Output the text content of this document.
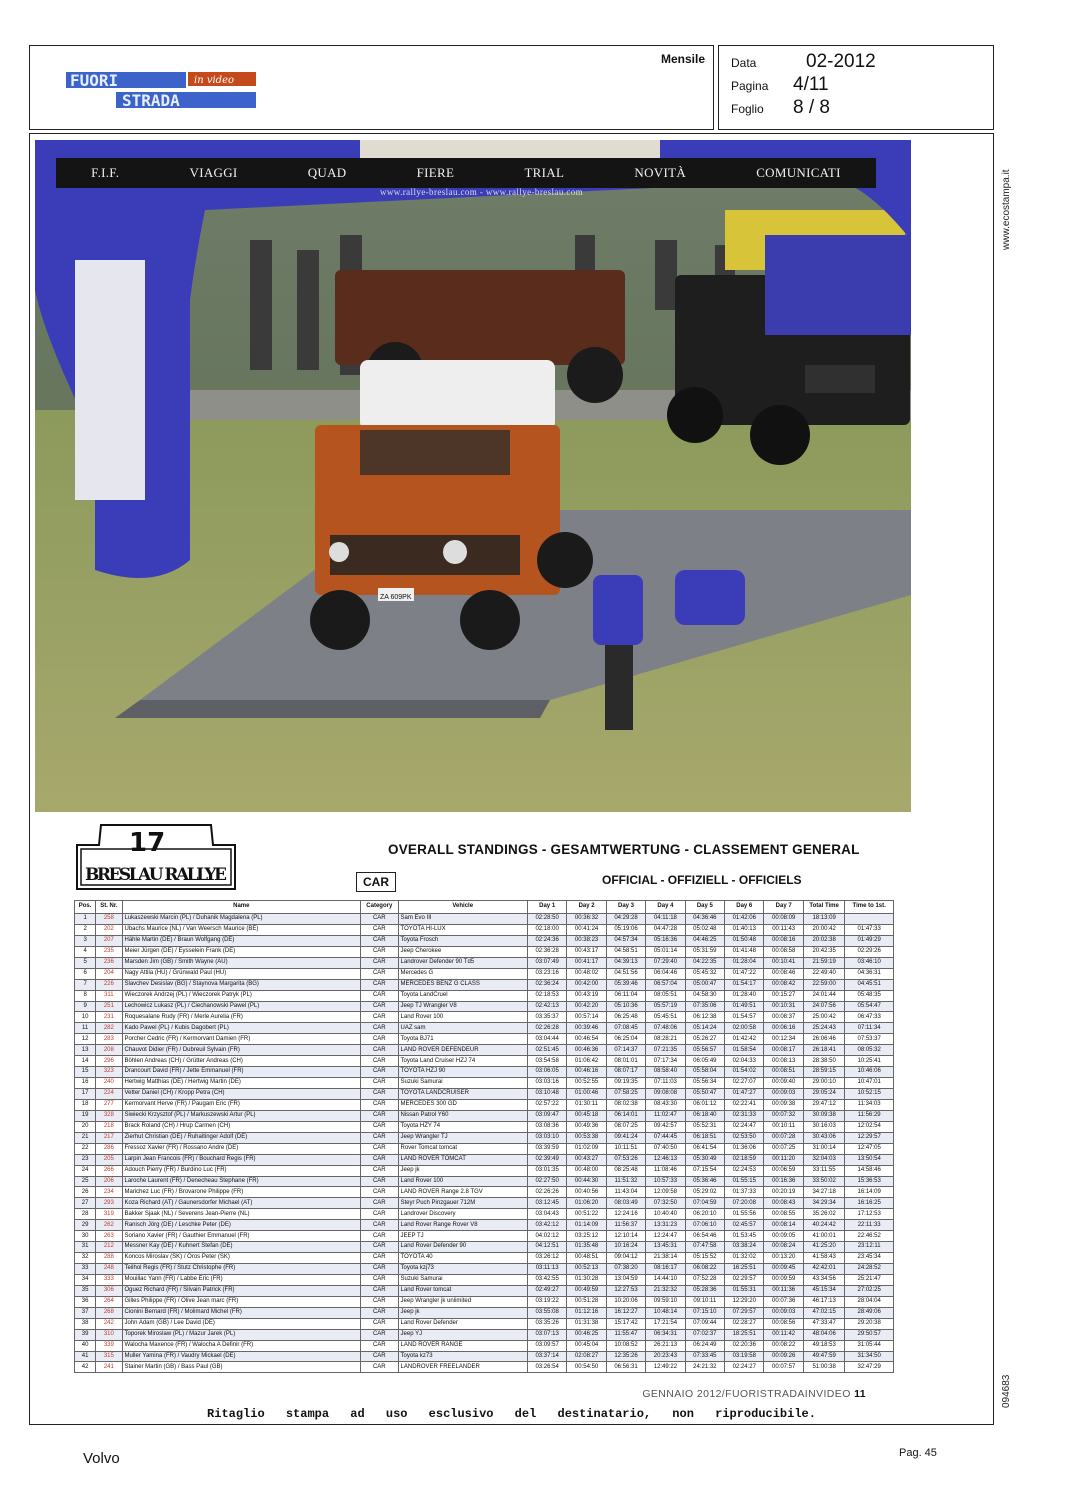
FUORI	in video
STRADA
Mensile Data	02-2012
Pagina 4/11
Foglio 8 / 8
www.ecostampa.it
094683
ZA 609PK
F.I.F.	VIAGGI	QUAD	FIERE	TRIAL	NOVITÀ	COMUNICATI
www.rallye-breslau.com - www.rallye-breslau.com
17
BRESLAU RALLYE
OVERALL STANDINGS - GESAMTWERTUNG - CLASSEMENT GENERAL
CAR	OFFICIAL - OFFIZIELL - OFFICIELS
Pos.	St. Nr.	Name	Category	Vehicle	Day 1	Day 2	Day 3	Day 4	Day 5	Day 6	Day 7	Total Time	Time to 1st.
1	258	Lukaszewski Marcin (PL) / Duhanik Magdalena (PL)	CAR	Sam Evo III	02:28:50	00:36:32	04:29:28	04:11:18	04:36:46	01:42:06	00:08:09	18:13:09	
2	202	Ubachs Maurice (NL) / Van Weersch Maurice (BE)	CAR	TOYOTA HI-LUX	02:18:00	00:41:24	05:19:06	04:47:28	05:02:48	01:40:13	00:11:43	20:00:42	01:47:33
3	207	Hähle Martin (DE) / Braun Wolfgang (DE)	CAR	Toyota Frosch	02:24:36	00:38:23	04:57:34	05:16:36	04:46:25	01:50:48	00:08:16	20:02:38	01:49:29
4	235	Meier Jürgen (DE) / Eysselein Frank (DE)	CAR	Jeep Cherokee	02:36:28	00:43:17	04:58:51	05:01:14	05:31:59	01:41:48	00:08:58	20:42:35	02:29:26
5	236	Marsden Jim (GB) / Smith Wayne (AU)	CAR	Landrover Defender 90 Td5	03:07:49	00:41:17	04:39:13	07:29:40	04:22:35	01:28:04	00:10:41	21:59:19	03:46:10
6	204	Nagy Attila (HU) / Grünwald Paul (HU)	CAR	Mercedes G	03:23:16	00:48:02	04:51:56	06:04:46	05:45:32	01:47:22	00:08:46	22:49:40	04:36:31
7	226	Slavchev Desislav (BG) / Staynova Margarita (BG)	CAR	MERCEDES BENZ G CLASS	02:36:24	00:42:00	05:39:46	06:57:04	05:00:47	01:54:17	00:08:42	22:59:00	04:45:51
8	311	Wieczorek Andrzej (PL) / Wieczorek Patryk (PL)	CAR	Toyota LandCruel	02:18:53	00:43:19	06:11:04	08:05:51	04:58:30	01:28:40	00:15:27	24:01:44	05:48:35
9	251	Lechowicz Lukasz (PL) / Ciechanowski Pawel (PL)	CAR	Jeep TJ Wrangler V8	02:42:13	00:42:20	05:10:36	05:57:19	07:35:06	01:49:51	00:10:31	24:07:56	05:54:47
10	231	Roquesalane Rudy (FR) / Merle Aurelia (FR)	CAR	Land Rover 100	03:35:37	00:57:14	06:25:48	05:45:51	06:12:38	01:54:57	00:08:37	25:00:42	06:47:33
11	282	Kado Pawel (PL) / Kubis Dagobert (PL)	CAR	UAZ sam	02:26:28	00:39:46	07:08:45	07:48:06	05:14:24	02:00:58	00:06:16	25:24:43	07:11:34
12	283	Porcher Cedric (FR) / Kermorvant Damien (FR)	CAR	Toyota BJ71	03:04:44	00:46:54	06:25:04	08:28:21	05:26:27	01:42:42	00:12:34	26:06:46	07:53:37
13	208	Chauvot Didier (FR) / Dubreuil Sylvain (FR)	CAR	LAND ROVER DEFENDEUR	02:51:45	00:46:36	07:14:37	07:21:35	05:56:57	01:58:54	00:08:17	26:18:41	08:05:32
14	296	Böhlen Andreas (CH) / Grütter Andreas (CH)	CAR	Toyota Land Cruiser HZJ 74	03:54:58	01:06:42	08:01:01	07:17:34	06:05:49	02:04:33	00:08:13	28:38:50	10:25:41
15	323	Drancourt David (FR) / Jette Emmanuel (FR)	CAR	TOYOTA HZJ 90	03:06:05	00:46:16	08:07:17	08:58:40	05:58:04	01:54:02	00:08:51	28:59:15	10:46:06
16	240	Hertwig Matthias (DE) / Hertwig Martin (DE)	CAR	Suzuki Samurai	03:03:16	00:52:55	09:19:35	07:11:03	05:56:34	02:27:07	00:09:40	29:00:10	10:47:01
17	224	Vetter Daniel (CH) / Kropp Petra (CH)	CAR	TOYOTA LANDCRUISER	03:10:48	01:00:46	07:58:25	09:08:08	05:50:47	01:47:27	00:09:03	29:05:24	10:52:15
18	277	Kermorvant Herve (FR) / Paugam Eric (FR)	CAR	MERCEDES 300 GD	02:57:22	01:30:11	08:02:38	08:43:30	06:01:12	02:22:41	00:09:38	29:47:12	11:34:03
19	328	Siwiecki Krzysztof (PL) / Markuszewski Artur (PL)	CAR	Nissan Patrol Y60	03:09:47	00:45:18	06:14:01	11:02:47	06:18:40	02:31:33	00:07:32	30:09:38	11:56:29
20	218	Brack Roland (CH) / Hrup Carmen (CH)	CAR	Toyota HZY 74	03:08:36	00:49:36	08:07:25	09:42:57	05:52:31	02:24:47	00:10:11	30:16:03	12:02:54
21	217	Zierhut Christian (DE) / Ruhaltinger Adolf (DE)	CAR	Jeep Wrangler TJ	03:03:10	00:53:38	09:41:24	07:44:45	06:18:51	02:53:50	00:07:28	30:43:06	12:29:57
22	286	Fressoz Xavier (FR) / Rossano Andre (DE)	CAR	Rover Tomcat tomcat	03:39:59	01:02:09	10:11:51	07:40:50	06:41:54	01:36:06	00:07:25	31:00:14	12:47:05
23	205	Larpin Jean Francois (FR) / Bouchard Regis (FR)	CAR	LAND ROVER TOMCAT	02:39:49	00:43:27	07:53:26	12:46:13	05:30:49	02:18:59	00:11:20	32:04:03	13:50:54
24	266	Adouch Pierry (FR) / Burdino Luc (FR)	CAR	Jeep jk	03:01:35	00:48:00	08:25:48	11:08:46	07:15:54	02:24:53	00:06:59	33:11:55	14:58:46
25	206	Laroche Laurent (FR) / Denecheau Stephane (FR)	CAR	Land Rover 100	02:27:50	00:44:30	11:51:32	10:57:33	05:36:46	01:55:15	00:16:36	33:50:02	15:36:53
26	234	Marichez Luc (FR) / Brovarone Philippe (FR)	CAR	LAND ROVER Range 2.8 TGV	02:26:26	00:40:56	11:43:04	12:09:58	05:29:02	01:37:33	00:20:19	34:27:18	16:14:09
27	293	Koza Richard (AT) / Gaunersdorfer Michael (AT)	CAR	Steyr Puch Pinzgauer 712M	03:12:45	01:06:20	08:03:49	07:32:50	07:04:59	07:20:08	00:08:43	34:29:34	16:16:25
28	319	Bakker Sjaak (NL) / Severens Jean-Pierre (NL)	CAR	Landrover Discovery	03:04:43	00:51:22	12:24:16	10:40:40	06:20:10	01:55:56	00:08:55	35:26:02	17:12:53
29	262	Ranisch Jörg (DE) / Leschke Peter (DE)	CAR	Land Rover Range Rover V8	03:42:12	01:14:09	11:56:37	13:31:23	07:06:10	02:45:57	00:08:14	40:24:42	22:11:33
30	263	Soriano Xavier (FR) / Gauthier Emmanuel (FR)	CAR	JEEP TJ	04:02:12	03:25:12	12:10:14	12:24:47	06:54:46	01:53:45	00:09:05	41:00:01	22:46:52
31	212	Messner Kay (DE) / Kuhnert Stefan (DE)	CAR	Land Rover Defender 90	04:12:51	01:35:48	10:16:24	13:45:31	07:47:58	03:38:24	00:08:24	41:25:20	23:12:11
32	288	Koncos Miroslav (SK) / Oros Peter (SK)	CAR	TOYOTA 40	03:26:12	00:48:51	09:04:12	21:38:14	05:15:52	01:32:02	00:13:20	41:58:43	23:45:34
33	248	Teilhol Regis (FR) / Stutz Christophe (FR)	CAR	Toyota kzj73	03:11:13	00:52:13	07:38:20	08:16:17	06:08:22	16:25:51	00:09:45	42:42:01	24:28:52
34	333	Mouillac Yann (FR) / Labbe Eric (FR)	CAR	Suzuki Samurai	03:42:55	01:30:28	13:04:59	14:44:10	07:52:28	02:29:57	00:09:59	43:34:56	25:21:47
35	306	Oguez Richard (FR) / Silvain Patrick (FR)	CAR	Land Rover tomcat	02:49:27	00:49:59	12:27:53	21:32:32	05:28:36	01:55:31	00:11:36	45:15:34	27:02:25
36	264	Gilles Philippe (FR) / Olive Jean marc (FR)	CAR	Jeep Wrangler jk unlimited	03:19:22	00:51:28	10:20:06	09:59:10	09:10:11	12:29:20	00:07:36	46:17:13	28:04:04
37	268	Cionini Bernard (FR) / Molimard Michel (FR)	CAR	Jeep jk	03:55:08	01:12:16	16:12:27	10:48:14	07:15:10	07:29:57	00:09:03	47:02:15	28:49:06
38	242	John Adam (GB) / Lee David (DE)	CAR	Land Rover Defender	03:35:26	01:31:38	15:17:42	17:21:54	07:09:44	02:28:27	00:08:56	47:33:47	29:20:38
39	310	Toporek Miroslaw (PL) / Mazur Jarek (PL)	CAR	Jeep YJ	03:07:13	00:46:25	11:55:47	06:34:31	07:02:37	18:25:51	00:11:42	48:04:06	29:50:57
40	339	Walocha Maxence (FR) / Walocha A Definir (FR)	CAR	LAND ROVER RANGE	03:09:57	00:45:04	10:08:52	26:21:13	06:24:49	02:20:36	00:08:22	49:18:53	31:05:44
41	315	Muller Yamina (FR) / Vaudry Mickael (DE)	CAR	Toyota kz73	03:37:14	02:08:27	12:35:26	20:23:43	07:33:45	03:19:58	00:09:26	49:47:59	31:34:50
42	241	Stainer Martin (GB) / Bass Paul (GB)	CAR	LANDROVER FREELANDER	03:26:54	00:54:50	06:56:31	12:49:22	24:21:32	02:24:27	00:07:57	51:00:38	32:47:29
GENNAIO 2012/FUORISTRADAINVIDEO 11
Ritaglio stampa ad uso esclusivo del destinatario, non riproducibile.
Volvo	Pag. 45
